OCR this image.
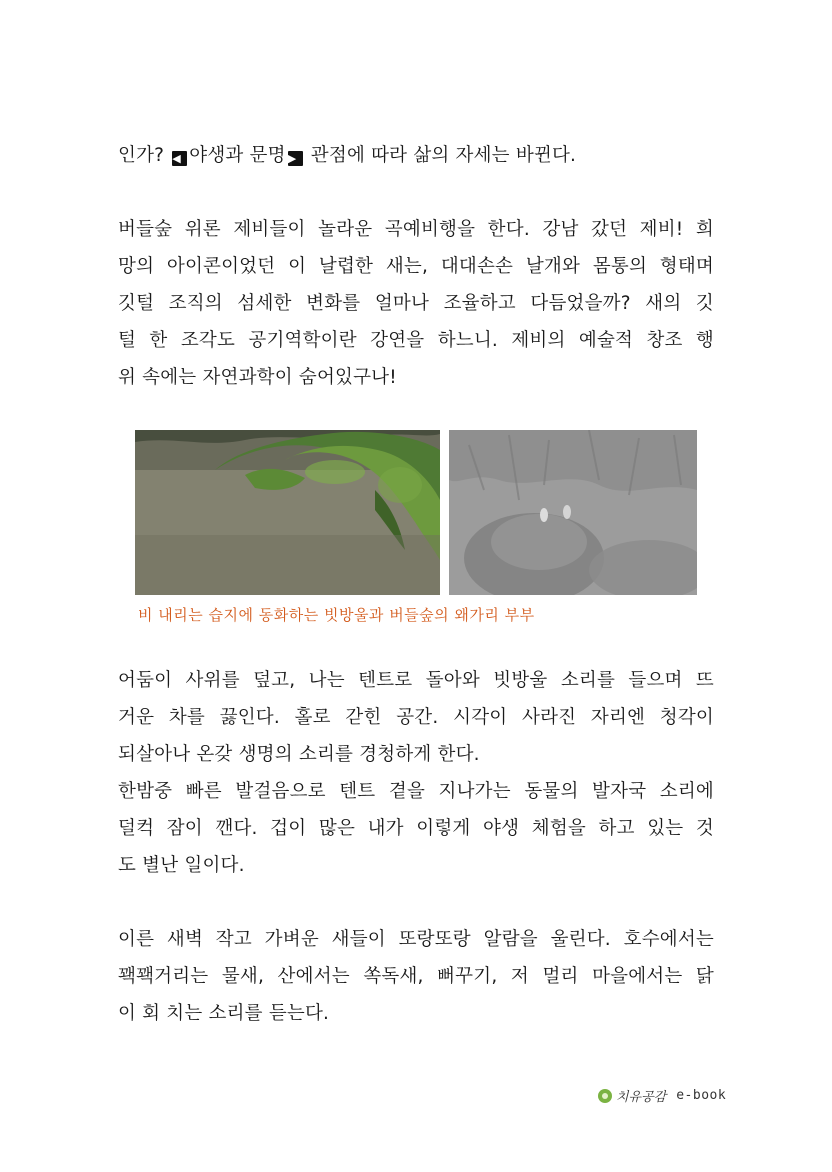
인가? ◀ 야생과 문명 ▶ 관점에 따라 삶의 자세는 바뀐다.

버들숲 위론 제비들이 놀라운 곡예비행을 한다. 강남 갔던 제비! 희
망의 아이콘이었던 이 날렵한 새는, 대대손손 날개와 몸통의 형태며
깃털 조직의 섬세한 변화를 얼마나 조율하고 다듬었을까? 새의 깃
털 한 조각도 공기역학이란 강연을 하느니. 제비의 예술적 창조 행
위 속에는 자연과학이 숨어있구나!

비 내리는 습지에 동화하는 빗방울과 버들숲의 왜가리 부부

어둠이 사위를 덮고, 나는 텐트로 돌아와 빗방울 소리를 들으며 뜨
거운 차를 끓인다. 홀로 갇힌 공간. 시각이 사라진 자리엔 청각이
되살아나 온갖 생명의 소리를 경청하게 한다.
한밤중 빠른 발걸음으로 텐트 곁을 지나가는 동물의 발자국 소리에
덜컥 잠이 깬다. 겁이 많은 내가 이렇게 야생 체험을 하고 있는 것
도 별난 일이다.

이른 새벽 작고 가벼운 새들이 또랑또랑 알람을 울린다. 호수에서는
꽥꽥거리는 물새, 산에서는 쏙독새, 뻐꾸기, 저 멀리 마을에서는 닭
이 회 치는 소리를 듣는다.

치유공감 e-book
